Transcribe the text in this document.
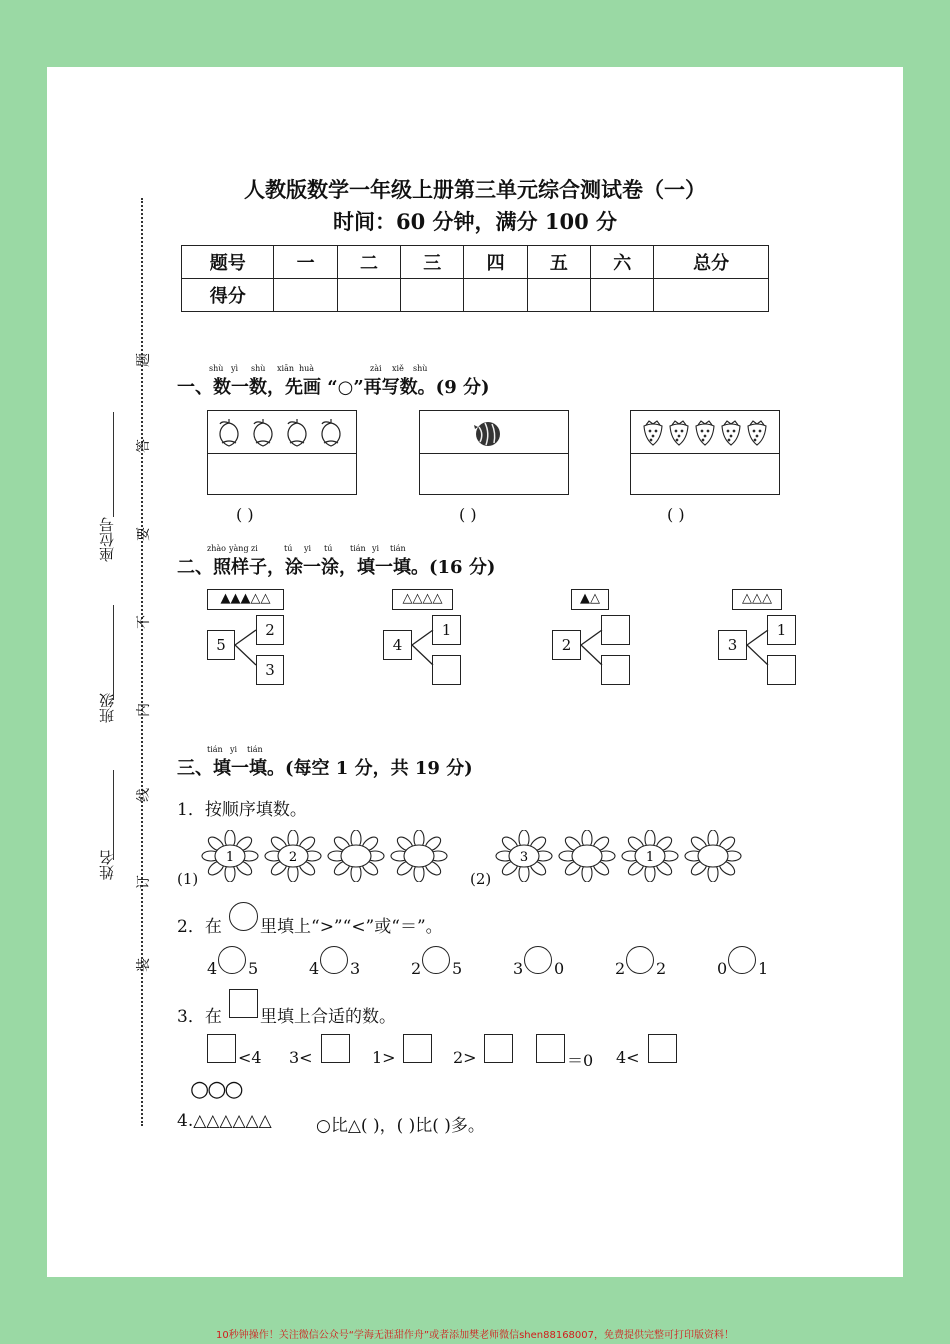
姓名
班级
座位号
题
答
要
不
内
线
订
装
人教版数学一年级上册第三单元综合测试卷（一）
时间：60 分钟，满分 100 分
题号	一	二	三	四	五	六	总分
得分							
shù yì shù xiān huà	zài xiě shù
一、数一数，先画 “○”再写数。(9 分)
( )	( )	( )
zhào yàng zi	tú yi tú tián yi tián
二、照样子，涂一涂，填一填。(16 分)
▲▲▲△△
5
2
3
△△△△
4
1
▲△
2
△△△
3
1
tián yi tián
三、填一填。(每空 1 分，共 19 分)
1．按顺序填数。
(1)
1	2
(2)
3	1
2．在 里填上“>”“<”或“＝”。
4 5	4 3	2 5	3 0	2 2	0 1
3．在 里填上合适的数。
<4 3<	1>	2>	＝0 4<
○○○
4.△△△△△△	○比△( )，( )比( )多。
10秒钟操作！关注微信公众号“学海无涯甜作舟”或者添加樊老师微信shen88168007，免费提供完整可打印版资料！
